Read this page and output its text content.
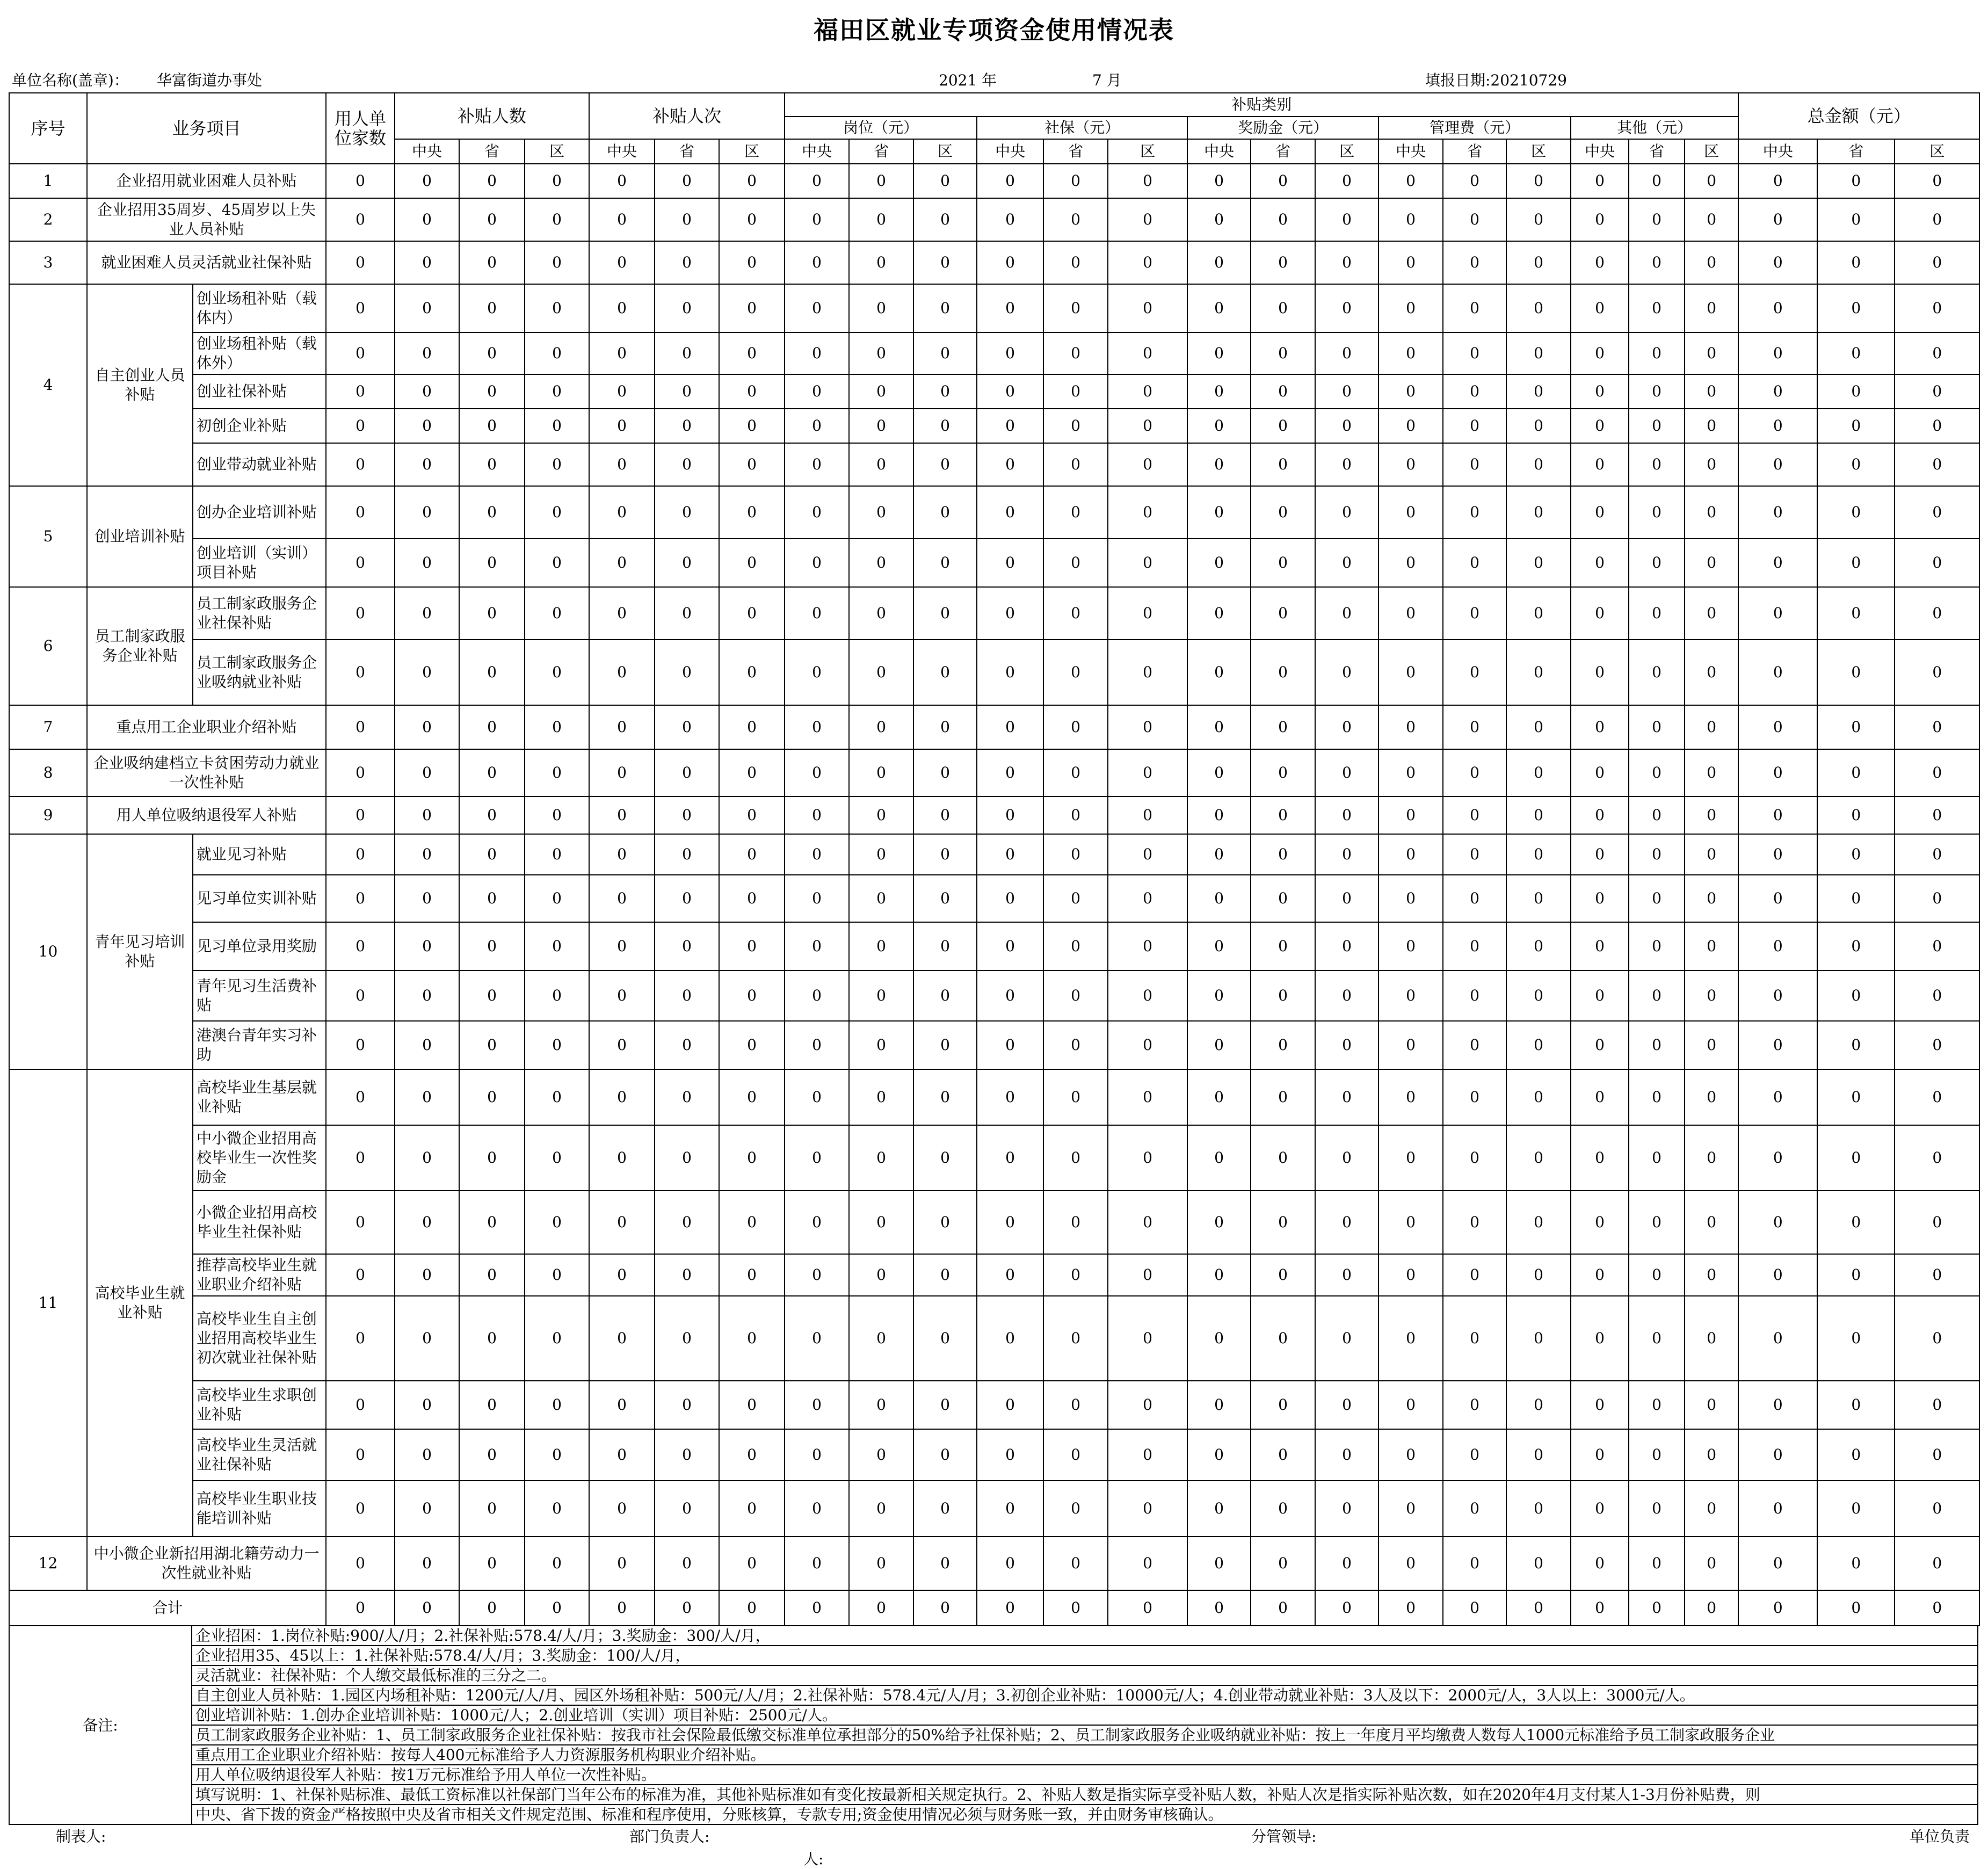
福田区就业专项资金使用情况表
单位名称(盖章)： 华富街道办事处	2021 年	7 月	填报日期:20210729
序号	业务项目		用人单位家数	补贴人数			补贴人次			补贴类别															总金额（元）		
										岗位（元）			社保（元）			奖励金（元）			管理费（元）			其他（元）					
				中央	省	区	中央	省	区	中央	省	区	中央	省	区	中央	省	区	中央	省	区	中央	省	区	中央	省	区
1	企业招用就业困难人员补贴		0	0	0	0	0	0	0	0	0	0	0	0	0	0	0	0	0	0	0	0	0	0	0	0	0
2	企业招用35周岁、45周岁以上失业人员补贴		0	0	0	0	0	0	0	0	0	0	0	0	0	0	0	0	0	0	0	0	0	0	0	0	0
3	就业困难人员灵活就业社保补贴		0	0	0	0	0	0	0	0	0	0	0	0	0	0	0	0	0	0	0	0	0	0	0	0	0
4	自主创业人员补贴	创业场租补贴（载体内）	0	0	0	0	0	0	0	0	0	0	0	0	0	0	0	0	0	0	0	0	0	0	0	0	0
		创业场租补贴（载体外）	0	0	0	0	0	0	0	0	0	0	0	0	0	0	0	0	0	0	0	0	0	0	0	0	0
		创业社保补贴	0	0	0	0	0	0	0	0	0	0	0	0	0	0	0	0	0	0	0	0	0	0	0	0	0
		初创企业补贴	0	0	0	0	0	0	0	0	0	0	0	0	0	0	0	0	0	0	0	0	0	0	0	0	0
		创业带动就业补贴	0	0	0	0	0	0	0	0	0	0	0	0	0	0	0	0	0	0	0	0	0	0	0	0	0
5	创业培训补贴	创办企业培训补贴	0	0	0	0	0	0	0	0	0	0	0	0	0	0	0	0	0	0	0	0	0	0	0	0	0
		创业培训（实训）项目补贴	0	0	0	0	0	0	0	0	0	0	0	0	0	0	0	0	0	0	0	0	0	0	0	0	0
6	员工制家政服务企业补贴	员工制家政服务企业社保补贴	0	0	0	0	0	0	0	0	0	0	0	0	0	0	0	0	0	0	0	0	0	0	0	0	0
		员工制家政服务企业吸纳就业补贴	0	0	0	0	0	0	0	0	0	0	0	0	0	0	0	0	0	0	0	0	0	0	0	0	0
7	重点用工企业职业介绍补贴		0	0	0	0	0	0	0	0	0	0	0	0	0	0	0	0	0	0	0	0	0	0	0	0	0
8	企业吸纳建档立卡贫困劳动力就业一次性补贴		0	0	0	0	0	0	0	0	0	0	0	0	0	0	0	0	0	0	0	0	0	0	0	0	0
9	用人单位吸纳退役军人补贴		0	0	0	0	0	0	0	0	0	0	0	0	0	0	0	0	0	0	0	0	0	0	0	0	0
10	青年见习培训补贴	就业见习补贴	0	0	0	0	0	0	0	0	0	0	0	0	0	0	0	0	0	0	0	0	0	0	0	0	0
		见习单位实训补贴	0	0	0	0	0	0	0	0	0	0	0	0	0	0	0	0	0	0	0	0	0	0	0	0	0
		见习单位录用奖励	0	0	0	0	0	0	0	0	0	0	0	0	0	0	0	0	0	0	0	0	0	0	0	0	0
		青年见习生活费补贴	0	0	0	0	0	0	0	0	0	0	0	0	0	0	0	0	0	0	0	0	0	0	0	0	0
		港澳台青年实习补助	0	0	0	0	0	0	0	0	0	0	0	0	0	0	0	0	0	0	0	0	0	0	0	0	0
11	高校毕业生就业补贴	高校毕业生基层就业补贴	0	0	0	0	0	0	0	0	0	0	0	0	0	0	0	0	0	0	0	0	0	0	0	0	0
		中小微企业招用高校毕业生一次性奖励金	0	0	0	0	0	0	0	0	0	0	0	0	0	0	0	0	0	0	0	0	0	0	0	0	0
		小微企业招用高校毕业生社保补贴	0	0	0	0	0	0	0	0	0	0	0	0	0	0	0	0	0	0	0	0	0	0	0	0	0
		推荐高校毕业生就业职业介绍补贴	0	0	0	0	0	0	0	0	0	0	0	0	0	0	0	0	0	0	0	0	0	0	0	0	0
		高校毕业生自主创业招用高校毕业生初次就业社保补贴	0	0	0	0	0	0	0	0	0	0	0	0	0	0	0	0	0	0	0	0	0	0	0	0	0
		高校毕业生求职创业补贴	0	0	0	0	0	0	0	0	0	0	0	0	0	0	0	0	0	0	0	0	0	0	0	0	0
		高校毕业生灵活就业社保补贴	0	0	0	0	0	0	0	0	0	0	0	0	0	0	0	0	0	0	0	0	0	0	0	0	0
		高校毕业生职业技能培训补贴	0	0	0	0	0	0	0	0	0	0	0	0	0	0	0	0	0	0	0	0	0	0	0	0	0
12	中小微企业新招用湖北籍劳动力一次性就业补贴		0	0	0	0	0	0	0	0	0	0	0	0	0	0	0	0	0	0	0	0	0	0	0	0	0
合计			0	0	0	0	0	0	0	0	0	0	0	0	0	0	0	0	0	0	0	0	0	0	0	0	0
备注:	企业招困：1.岗位补贴:900/人/月；2.社保补贴:578.4/人/月；3.奖励金：300/人/月，
企业招用35、45以上：1.社保补贴:578.4/人/月；3.奖励金：100/人/月，
灵活就业：社保补贴：个人缴交最低标准的三分之二。
自主创业人员补贴：1.园区内场租补贴：1200元/人/月、园区外场租补贴：500元/人/月；2.社保补贴：578.4元/人/月；3.初创企业补贴：10000元/人；4.创业带动就业补贴：3人及以下：2000元/人，3人以上：3000元/人。
创业培训补贴：1.创办企业培训补贴：1000元/人；2.创业培训（实训）项目补贴：2500元/人。
员工制家政服务企业补贴：1、员工制家政服务企业社保补贴：按我市社会保险最低缴交标准单位承担部分的50%给予社保补贴；2、员工制家政服务企业吸纳就业补贴：按上一年度月平均缴费人数每人1000元标准给予员工制家政服务企业
重点用工企业职业介绍补贴：按每人400元标准给予人力资源服务机构职业介绍补贴。
用人单位吸纳退役军人补贴：按1万元标准给予用人单位一次性补贴。
填写说明：1、社保补贴标准、最低工资标准以社保部门当年公布的标准为准，其他补贴标准如有变化按最新相关规定执行。2、补贴人数是指实际享受补贴人数，补贴人次是指实际补贴次数，如在2020年4月支付某人1-3月份补贴费，则
中央、省下拨的资金严格按照中央及省市相关文件规定范围、标准和程序使用，分账核算，专款专用;资金使用情况必须与财务账一致，并由财务审核确认。
制表人:	部门负责人:	分管领导:	单位负责
人:
